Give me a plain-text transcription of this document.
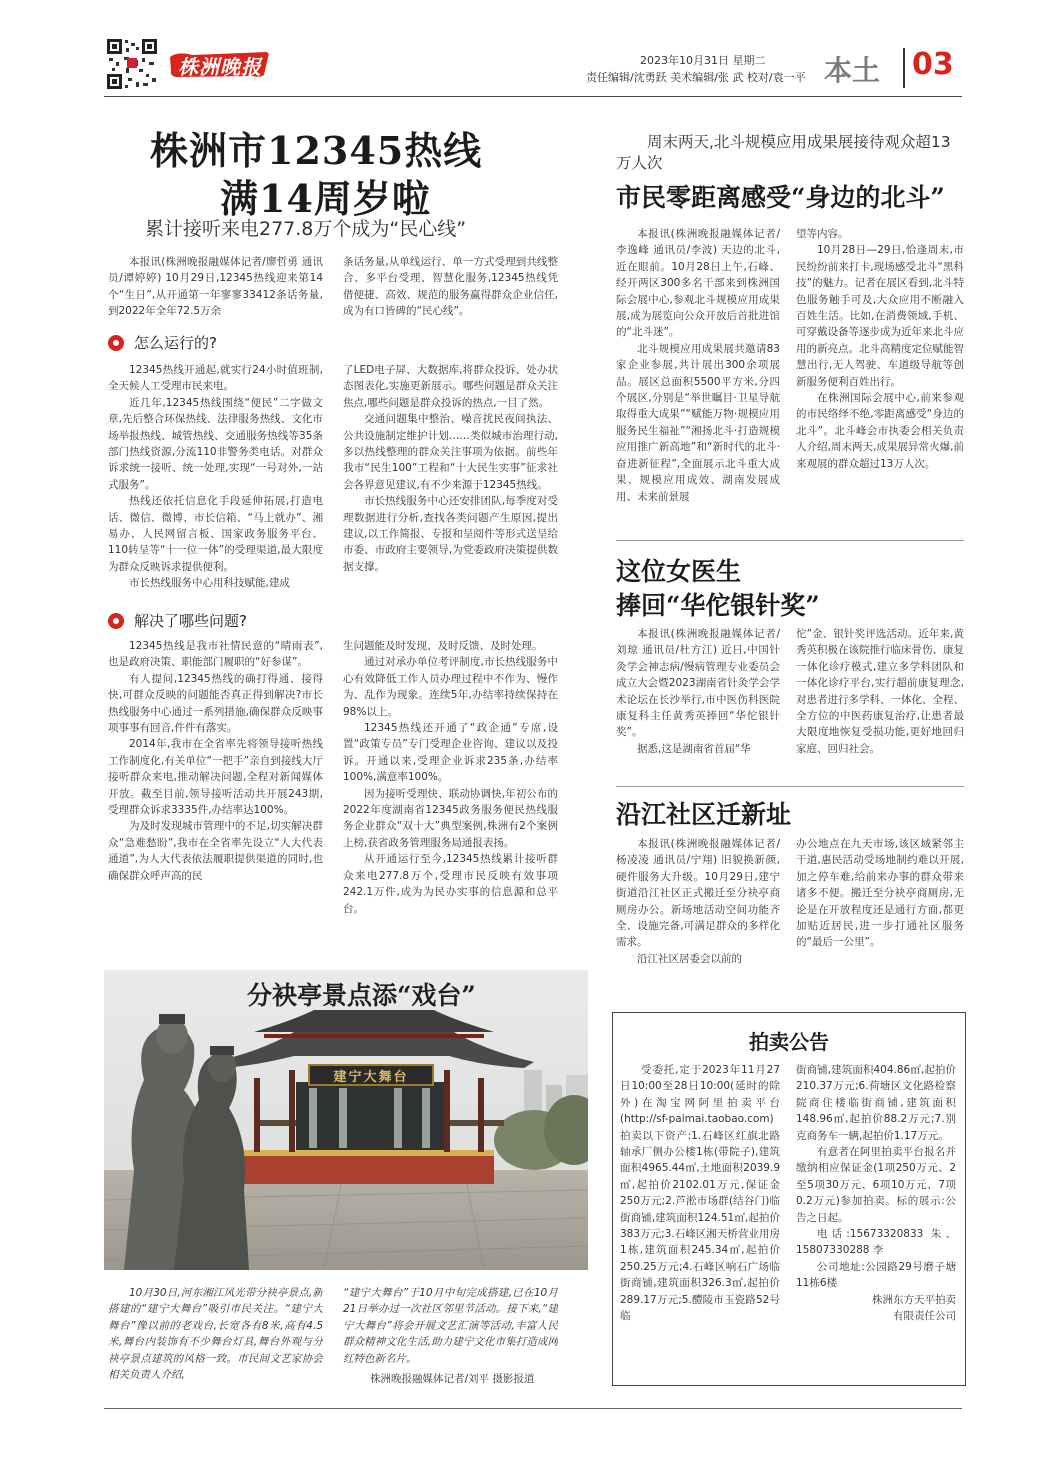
株洲晚报	2023年10月31日 星期二
责任编辑/沈勇跃 美术编辑/张 武 校对/袁一平 本土 03
株洲市12345热线
满14周岁啦
累计接听来电277.8万个成为“民心线”

本报讯(株洲晚报融媒体记者/廖哲勇 通讯员/谭婷婷) 10月29日,12345热线迎来第14个“生日”,从开通第一年寥寥33412条话务量,到2022年全年72.5万余

条话务量,从单线运行、单一方式受理到共线整合、多平台受理、智慧化服务,12345热线凭借便捷、高效、规范的服务赢得群众企业信任,成为有口皆碑的“民心线”。

怎么运行的?

12345热线开通起,就实行24小时值班制,全天候人工受理市民来电。

近几年,12345热线围绕“便民”二字做文章,先后整合环保热线、法律服务热线、文化市场举报热线、城管热线、交通服务热线等35条部门热线资源,分流110非警务类电话。对群众诉求统一接听、统一处理,实现“一号对外,一站式服务”。

热线还依托信息化手段延伸拓展,打造电话、微信、微博、市长信箱、“马上就办”、湘易办、人民网留言板、国家政务服务平台、110转呈等“十一位一体”的受理渠道,最大限度为群众反映诉求提供便利。

市长热线服务中心用科技赋能,建成

了LED电子屏、大数据库,将群众投诉、处办状态图表化,实施更新展示。哪些问题是群众关注焦点,哪些问题是群众投诉的热点,一目了然。

交通问题集中整治、噪音扰民夜间执法、公共设施制定维护计划……类似城市治理行动,多以热线整理的群众关注事项为依据。前些年我市“民生100”工程和“十大民生实事”征求社会各界意见建议,有不少来源于12345热线。

市长热线服务中心还安排团队,每季度对受理数据进行分析,查找各类问题产生原因,提出建议,以工作简报、专报和呈阅件等形式送呈给市委、市政府主要领导,为党委政府决策提供数据支撑。

解决了哪些问题?

12345热线是我市社情民意的“晴雨表”,也是政府决策、职能部门履职的“好参谋”。

有人提问,12345热线的确打得通、接得快,可群众反映的问题能否真正得到解决?市长热线服务中心通过一系列措施,确保群众反映事项事事有回音,件件有落实。

2014年,我市在全省率先将领导接听热线工作制度化,有关单位“一把手”亲自到接线大厅接听群众来电,推动解决问题,全程对新闻媒体开放。截至目前,领导接听活动共开展243期,受理群众诉求3335件,办结率达100%。

为及时发现城市管理中的不足,切实解决群众“急难愁盼”,我市在全省率先设立“人大代表通道”,为人大代表依法履职提供渠道的同时,也确保群众呼声高的民

生问题能及时发现、及时反馈、及时处理。

通过对承办单位考评制度,市长热线服务中心有效降低工作人员办理过程中不作为、慢作为、乱作为现象。连续5年,办结率持续保持在98%以上。

12345热线还开通了“政企通”专席,设置“政策专员”专门受理企业咨询、建议以及投诉。开通以来,受理企业诉求235条,办结率100%,满意率100%。

因为接听受理快、联动协调快,年初公布的2022年度湖南省12345政务服务便民热线服务企业群众“双十大”典型案例,株洲有2个案例上榜,获省政务管理服务局通报表扬。

从开通运行至今,12345热线累计接听群众来电277.8万个,受理市民反映有效事项242.1万件,成为为民办实事的信息源和总平台。

周末两天,北斗规模应用成果展接待观众超13万人次

市民零距离感受“身边的北斗”

本报讯(株洲晚报融媒体记者/李逸峰 通讯员/李波) 天边的北斗,近在眼前。10月28日上午,石峰、经开两区300多名干部来到株洲国际会展中心,参观北斗规模应用成果展,成为展览向公众开放后首批进馆的“北斗迷”。

北斗规模应用成果展共邀请83家企业参展,共计展出300余项展品。展区总面积5500平方米,分四个展区,分别是“举世瞩目·卫星导航取得重大成果”“赋能万物·规模应用服务民生福祉”“湘扬北斗·打造规模应用推广新高地”和“新时代的北斗·奋进新征程”,全面展示北斗重大成果、规模应用成效、湖南发展成用、未来前景展

望等内容。

10月28日—29日,恰逢周末,市民纷纷前来打卡,现场感受北斗“黑科技”的魅力。记者在展区看到,北斗特色服务触手可及,大众应用不断融入百姓生活。比如,在消费领域,手机、可穿戴设备等逐步成为近年来北斗应用的新亮点。北斗高精度定位赋能智慧出行,无人驾驶、车道级导航等创新服务便利百姓出行。

在株洲国际会展中心,前来参观的市民络绎不绝,零距离感受“身边的北斗”。北斗峰会市执委会相关负责人介绍,周末两天,成果展异常火爆,前来观展的群众超过13万人次。

这位女医生
捧回“华佗银针奖”

本报讯(株洲晚报融媒体记者/刘琼 通讯员/杜方江) 近日,中国针灸学会神志病/慢病管理专业委员会成立大会暨2023湖南省针灸学会学术论坛在长沙举行,市中医伤科医院康复科主任黄秀英捧回“华佗银针奖”。

据悉,这是湖南省首届“华

佗”金、银针奖评选活动。近年来,黄秀英积极在该院推行临床骨伤、康复一体化诊疗模式,建立多学科团队和一体化诊疗平台,实行超前康复理念,对患者进行多学科、一体化、全程、全方位的中医药康复治疗,让患者最大限度地恢复受损功能,更好地回归家庭、回归社会。

沿江社区迁新址

本报讯(株洲晚报融媒体记者/杨凌凌 通讯员/宁翔) 旧貌换新颜,硬件服务大升级。10月29日,建宁街道沿江社区正式搬迁至分袂亭商厕房办公。新场地活动空间功能齐全、设施完备,可满足群众的多样化需求。

沿江社区居委会以前的

办公地点在九天市场,该区域紧邻主干道,惠民活动受场地制约难以开展,加之停车难,给前来办事的群众带来诸多不便。搬迁至分袂亭商厕房,无论是在开放程度还是通行方面,都更加贴近居民,进一步打通社区服务的“最后一公里”。

分袂亭景点添“戏台”
建宁大舞台

10月30日,河东湘江风光带分袂亭景点,新搭建的“建宁大舞台”吸引市民关注。“建宁大舞台”像以前的老戏台,长宽各有8米,高有4.5米,舞台内装饰有不少舞台灯具,舞台外观与分袂亭景点建筑的风格一致。市民间文艺家协会相关负责人介绍,

“建宁大舞台”于10月中旬完成搭建,已在10月21日举办过一次社区邻里节活动。接下来,“建宁大舞台”将会开展文艺汇演等活动,丰富人民群众精神文化生活,助力建宁文化市集打造成网红特色新名片。

株洲晚报融媒体记者/刘平 摄影报道
拍卖公告

受委托,定于2023年11月27日10:00至28日10:00(延时的除外)在淘宝网阿里拍卖平台(http://sf-paimai.taobao.com)拍卖以下资产:1.石峰区红旗北路轴承厂侧办公楼1栋(带院子),建筑面积4965.44㎡,土地面积2039.9㎡,起拍价2102.01万元,保证金250万元;2.芦淞市场群(结谷门)临街商铺,建筑面积124.51㎡,起拍价383万元;3.石峰区湘天桥营业用房1栋,建筑面积245.34㎡,起拍价250.25万元;4.石峰区响石广场临街商铺,建筑面积326.3㎡,起拍价289.17万元;5.醴陵市玉瓷路52号临

街商铺,建筑面积404.86㎡,起拍价210.37万元;6.荷塘区文化路检察院商住楼临街商铺,建筑面积148.96㎡,起拍价88.2万元;7.别克商务车一辆,起拍价1.17万元。

有意者在阿里拍卖平台报名并缴纳相应保证金(1项250万元、2至5项30万元、6项10万元、7项0.2万元)参加拍卖。标的展示:公告之日起。

电话:15673320833 朱、15807330288 李

公司地址:公园路29号磨子塘11栋6楼

株洲东方天平拍卖

有限责任公司
